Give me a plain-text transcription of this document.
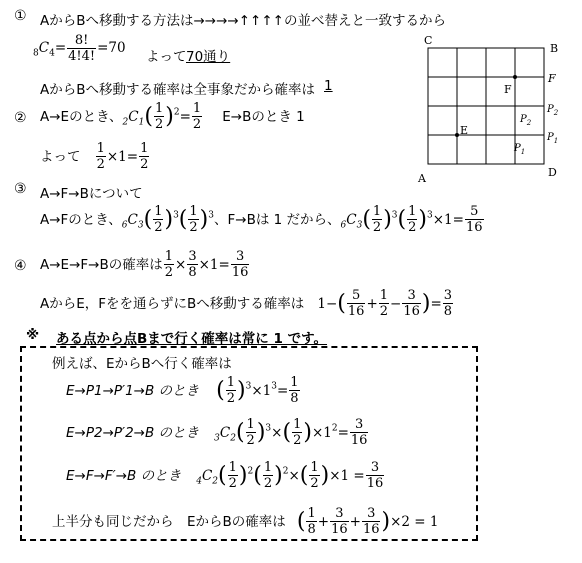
① AからBへ移動する方法は→→→→↑↑↑↑の並べ替えと一致するから
$_8C_4= \frac{8!}{4!4!} =70$
よって 70通り
AからBへ移動する確率は全事象だから確率は 1
② A→Eのとき、$_2C_1( \frac{1}{2} )^2= \frac{1}{2} E\to B$のとき 1
よって $\frac{1}{2} \times 1= \frac{1}{2}$
③ A→F→Bについて
A→Fのとき、$_6C_3( \frac{1}{2} )^3( \frac{1}{2} )^3$、F→Bは 1 だから、$_6C_3( \frac{1}{2} )^3( \frac{1}{2} )^3\times 1= \frac{5}{16}$
④ A→E→F→Bの確率は $\frac{1}{2} \times \frac{3}{8} \times 1= \frac{3}{16}$
AからE，Fをを通らずにBへ移動する確率は $1-( \frac{5}{16} + \frac{1}{2} - \frac{3}{16}$ )= $\frac{3}{8}$
※ ある点から点Bまで行く確率は常に 1 です。
例えば、EからBへ行く確率は
E→P1→P′1→B のとき ( $\frac{1}{2} )^3\times 1^3= \frac{1}{8}$
E→P2→P′2→B のとき $_3C_2( \frac{1}{2} )^3\times( \frac{1}{2} )\times 1^2= \frac{3}{16}$
E→F→F′→B のとき $_4C_2( \frac{1}{2} )^2( \frac{1}{2} )^2\times( \frac{1}{2} )\times 1 = \frac{3}{16}$
上半分も同じだから　EからBの確率は ( $\frac{1}{8} + \frac{3}{16} + \frac{3}{16} )\times 2 = 1$
C
B
A	D
F
F
E
$P_2$
$P_1$
$P_2$
$P_1$
